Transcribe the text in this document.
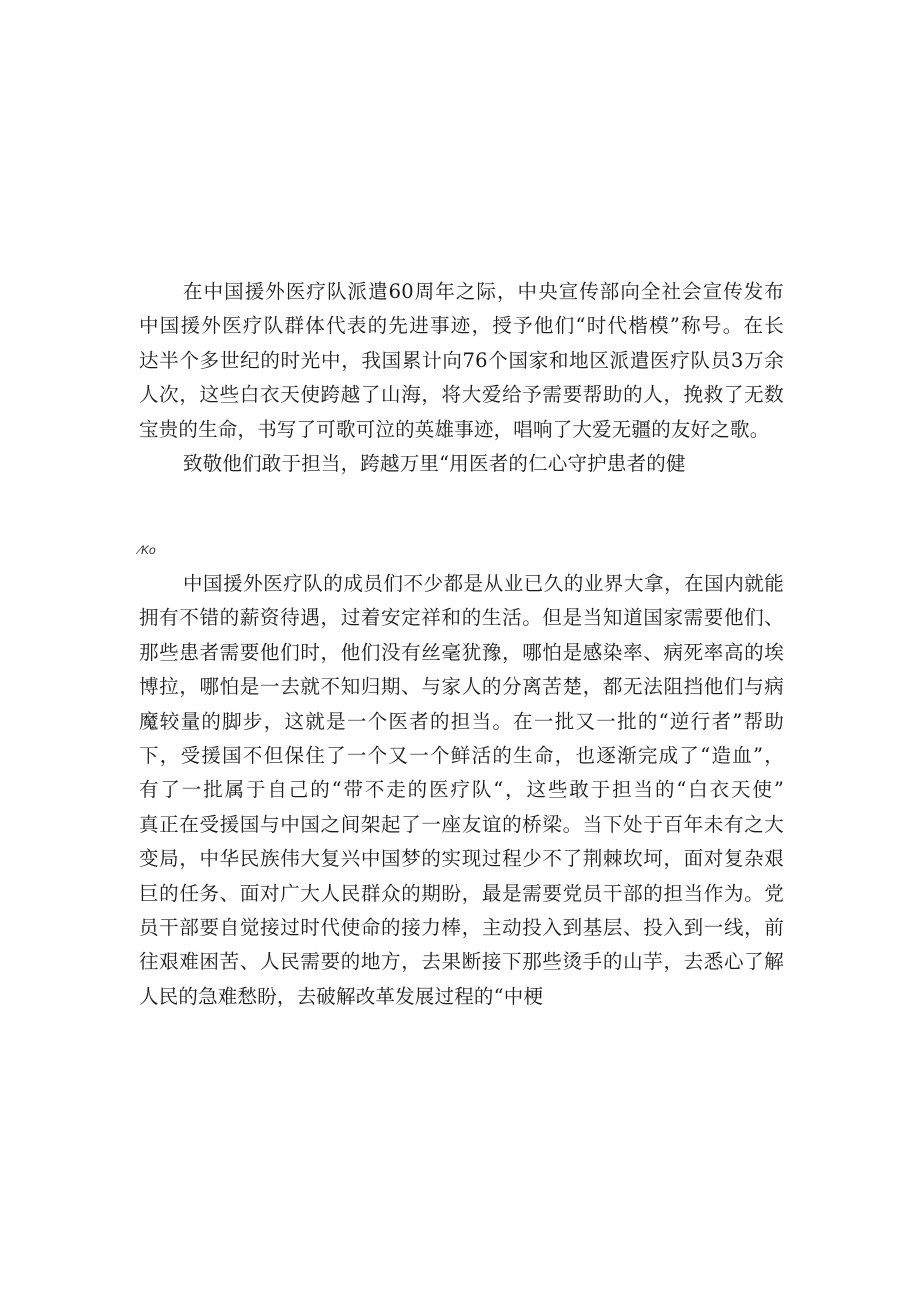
在中国援外医疗队派遣60周年之际，中央宣传部向全社会宣传发布
中国援外医疗队群体代表的先进事迹，授予他们“时代楷模”称号。在长
达半个多世纪的时光中，我国累计向76个国家和地区派遣医疗队员3万余
人次，这些白衣天使跨越了山海，将大爱给予需要帮助的人，挽救了无数
宝贵的生命，书写了可歌可泣的英雄事迹，唱响了大爱无疆的友好之歌。
致敬他们敢于担当，跨越万里“用医者的仁心守护患者的健
⁄Ko
中国援外医疗队的成员们不少都是从业已久的业界大拿，在国内就能
拥有不错的薪资待遇，过着安定祥和的生活。但是当知道国家需要他们、
那些患者需要他们时，他们没有丝毫犹豫，哪怕是感染率、病死率高的埃
博拉，哪怕是一去就不知归期、与家人的分离苦楚，都无法阻挡他们与病
魔较量的脚步，这就是一个医者的担当。在一批又一批的“逆行者”帮助
下，受援国不但保住了一个又一个鲜活的生命，也逐渐完成了“造血”，
有了一批属于自己的“带不走的医疗队“，这些敢于担当的“白衣天使”
真正在受援国与中国之间架起了一座友谊的桥梁。当下处于百年未有之大
变局，中华民族伟大复兴中国梦的实现过程少不了荆棘坎坷，面对复杂艰
巨的任务、面对广大人民群众的期盼，最是需要党员干部的担当作为。党
员干部要自觉接过时代使命的接力棒，主动投入到基层、投入到一线，前
往艰难困苦、人民需要的地方，去果断接下那些烫手的山芋，去悉心了解
人民的急难愁盼，去破解改革发展过程的“中梗
